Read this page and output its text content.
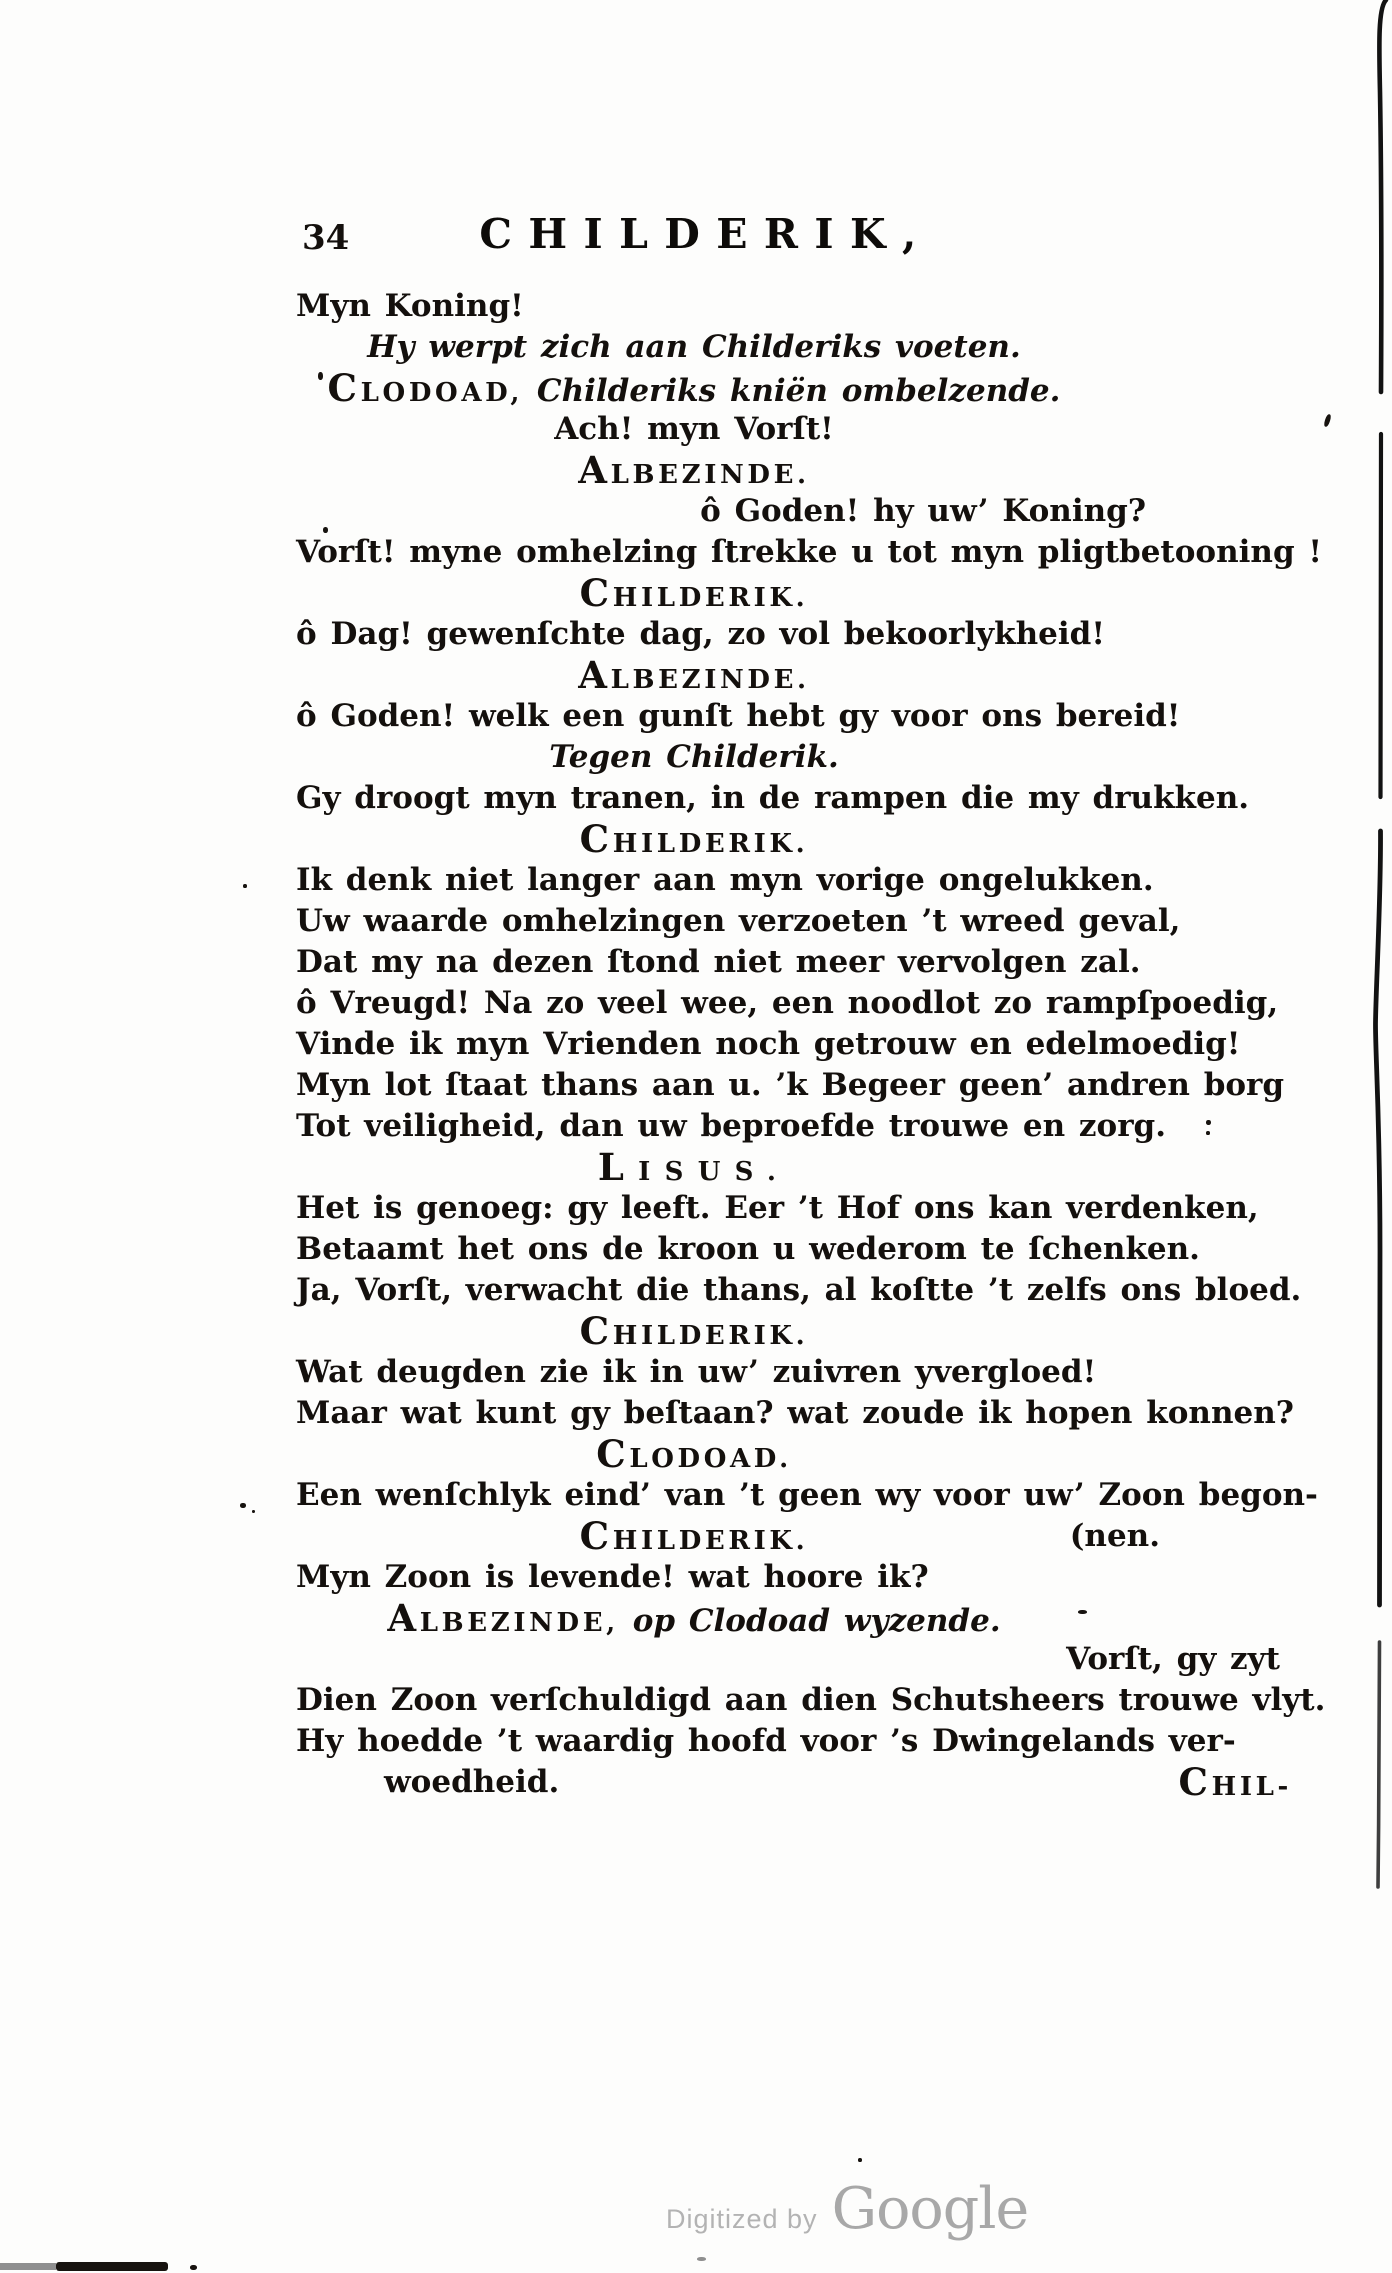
34	CHILDERIK,
Myn Koning!
Hy werpt zich aan Childeriks voeten.
CLODOAD, Childeriks kniën ombelzende.
Ach! myn Vorſt!
ALBEZINDE.
ô Goden! hy uw’ Koning?
Vorſt! myne omhelzing ſtrekke u tot myn pligtbetooning !
CHILDERIK.
ô Dag! gewenſchte dag, zo vol bekoorlykheid!
ALBEZINDE.
ô Goden! welk een gunſt hebt gy voor ons bereid!
Tegen Childerik.
Gy droogt myn tranen, in de rampen die my drukken.
CHILDERIK.
Ik denk niet langer aan myn vorige ongelukken.
Uw waarde omhelzingen verzoeten ’t wreed geval,
Dat my na dezen ſtond niet meer vervolgen zal.
ô Vreugd! Na zo veel wee, een noodlot zo rampſpoedig,
Vinde ik myn Vrienden noch getrouw en edelmoedig!
Myn lot ſtaat thans aan u. ’k Begeer geen’ andren borg
Tot veiligheid, dan uw beproefde trouwe en zorg.
LISUS.
Het is genoeg: gy leeft. Eer ’t Hof ons kan verdenken,
Betaamt het ons de kroon u wederom te ſchenken.
Ja, Vorſt, verwacht die thans, al koſtte ’t zelfs ons bloed.
CHILDERIK.
Wat deugden zie ik in uw’ zuivren yvergloed!
Maar wat kunt gy beſtaan? wat zoude ik hopen konnen?
CLODOAD.
Een wenſchlyk eind’ van ’t geen wy voor uw’ Zoon begon-
CHILDERIK.	(nen.
Myn Zoon is levende! wat hoore ik?
ALBEZINDE, op Clodoad wyzende.
Vorſt, gy zyt
Dien Zoon verſchuldigd aan dien Schutsheers trouwe vlyt.
Hy hoedde ’t waardig hoofd voor ’s Dwingelands ver-
woedheid.	CHIL-
Digitized by Google
